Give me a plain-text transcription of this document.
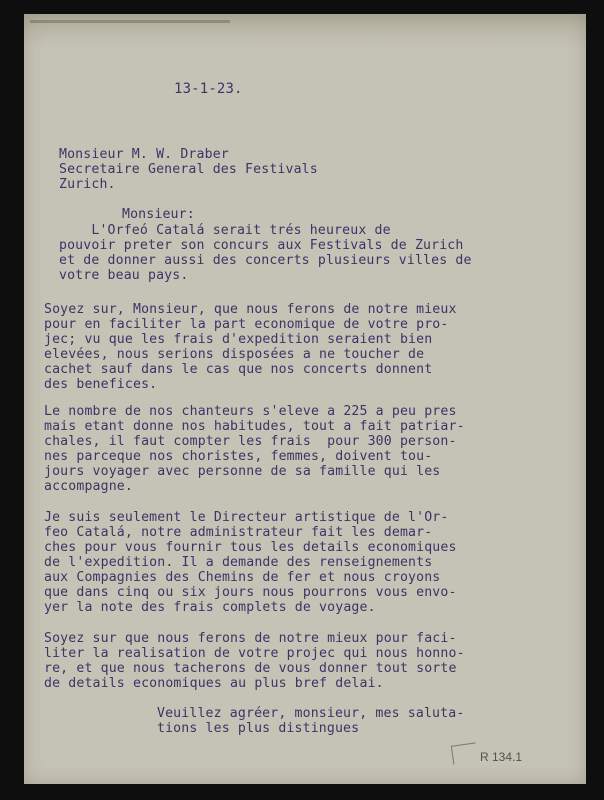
13-1-23.
Monsieur M. W. Draber
Secretaire General des Festivals
Zurich.
Monsieur:
L'Orfeó Catalá serait trés heureux de
pouvoir preter son concurs aux Festivals de Zurich
et de donner aussi des concerts plusieurs villes de
votre beau pays.
Soyez sur, Monsieur, que nous ferons de notre mieux
pour en faciliter la part economique de votre pro-
jec; vu que les frais d'expedition seraient bien
elevées, nous serions disposées a ne toucher de
cachet sauf dans le cas que nos concerts donnent
des benefices.
Le nombre de nos chanteurs s'eleve a 225 a peu pres
mais etant donne nos habitudes, tout a fait patriar-
chales, il faut compter les frais  pour 300 person-
nes parceque nos choristes, femmes, doivent tou-
jours voyager avec personne de sa famille qui les
accompagne.
Je suis seulement le Directeur artistique de l'Or-
feo Catalá, notre administrateur fait les demar-
ches pour vous fournir tous les details economiques
de l'expedition. Il a demande des renseignements
aux Compagnies des Chemins de fer et nous croyons
que dans cinq ou six jours nous pourrons vous envo-
yer la note des frais complets de voyage.
Soyez sur que nous ferons de notre mieux pour faci-
liter la realisation de votre projec qui nous honno-
re, et que nous tacherons de vous donner tout sorte
de details economiques au plus bref delai.
Veuillez agréer, monsieur, mes saluta-
tions les plus distingues
R 134.1
